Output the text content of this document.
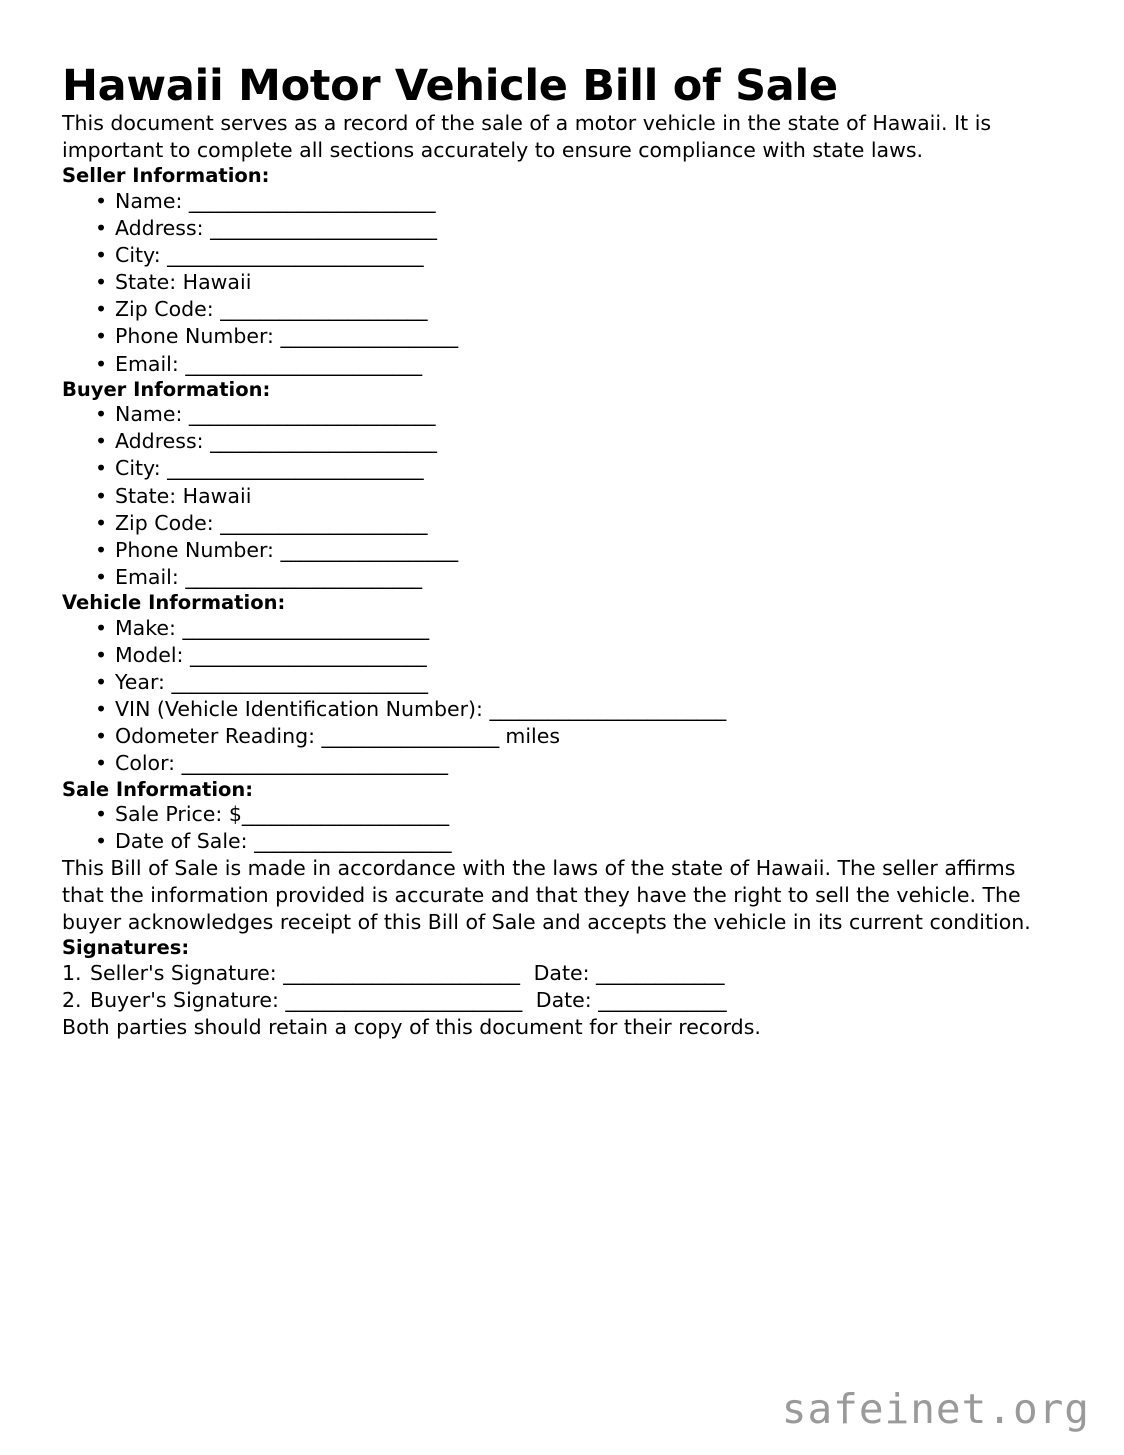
Hawaii Motor Vehicle Bill of Sale

This document serves as a record of the sale of a motor vehicle in the state of Hawaii. It is important to complete all sections accurately to ensure compliance with state laws.

Seller Information:
• Name: _________________________
• Address: _______________________
• City: __________________________
• State: Hawaii
• Zip Code: _____________________
• Phone Number: __________________
• Email: ________________________
Buyer Information:
• Name: _________________________
• Address: _______________________
• City: __________________________
• State: Hawaii
• Zip Code: _____________________
• Phone Number: __________________
• Email: ________________________
Vehicle Information:
• Make: _________________________
• Model: ________________________
• Year: __________________________
• VIN (Vehicle Identification Number): ________________________
• Odometer Reading: __________________ miles
• Color: ___________________________
Sale Information:
• Sale Price: $_____________________
• Date of Sale: ____________________

This Bill of Sale is made in accordance with the laws of the state of Hawaii. The seller affirms that the information provided is accurate and that they have the right to sell the vehicle. The buyer acknowledges receipt of this Bill of Sale and accepts the vehicle in its current condition.

Signatures:
1. Seller's Signature: ________________________ Date: _____________
2. Buyer's Signature: ________________________ Date: _____________

Both parties should retain a copy of this document for their records.

safeinet.org
